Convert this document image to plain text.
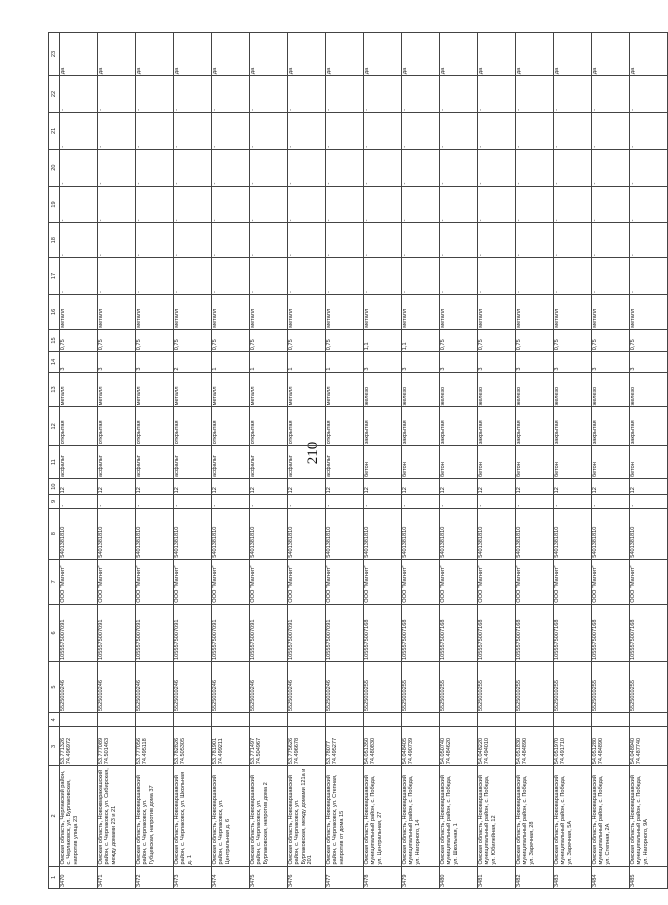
210
1	2	3	4	5	6	7	8	9	10	11	12	13	14	15	16	17	18	19	20	21	22	23
3470	Омская область, Черлакский район, с. Черлаковск, ул. Бурлаковская, напротив улица 23	53.771326 74.496972		5525010246	1055575007091	ООО "Магнит"	5401381810	-	12	асфальт	открытая	металл	3	0,75	металл	-	-	-	-	-	-	да
3471	Омская область, Новокваракашский район, с. Черлаковск, ул. Сибирская, между домами 23 и 21	53.777089 74.501463		5525010246	1055575007091	ООО "Магнит"	5401381810	-	12	асфальт	открытая	металл	3	0,75	металл	-	-	-	-	-	-	да
3472	Омская область, Нововаршавский район, с. Черлаковск, ул. Губцевская, напротив дома 37	53.777056 74.495118		5525010246	1055575007091	ООО "Магнит"	5401381810	-	12	асфальт	открытая	металл	3	0,75	металл	-	-	-	-	-	-	да
3473	Омская область, Нововаршавский район, с. Черлаковск, ул. Школьная д. 1	53.782826 74.505305		5525010246	1055575007091	ООО "Магнит"	5401381810	-	12	асфальт	открытая	металл	2	0,75	металл	-	-	-	-	-	-	да
3474	Омская область, Нововаршавский район, с. Черлаковск, ул. Центральная д. 6	53.781901 74.499211		5525010246	1055575007091	ООО "Магнит"	5401381810	-	12	асфальт	открытая	металл	1	0,75	металл	-	-	-	-	-	-	да
3475	Омская область, Нововаршавский район, с. Черлаковск, ул. Бурлаковская, напротив дома 2	53.771497 74.504967		5525010246	1055575007091	ООО "Магнит"	5401381810	-	12	асфальт	открытая	металл	1	0,75	металл	-	-	-	-	-	-	да
3476	Омская область, Нововаршавский район, с. Черлаковск, ул. Бурлаковская, между домами 121а и 201	53.775626 74.496678		5525010246	1055575007091	ООО "Магнит"	5401381810	-	12	асфальт	открытая	металл	1	0,75	металл	-	-	-	-	-	-	да
3477	Омская область, Нововаршавский район, с. Черлаковск, ул. Степная, напротив от дома 15	53.78077 74.495277		5525010246	1055575007091	ООО "Магнит"	5401381810	-	12	асфальт	открытая	металл	1	0,75	металл	-	-	-	-	-	-	да
3478	Омская область, Нововаршавский муниципальный район, с. Победа, ул. Центральная, 27	54.051350 74.480830		5525010255	1055575007168	ООО "Магнит"	5401381810	-	12	бетон	закрытая	железо	3	1,1	металл	-	-	-	-	-	-	да
3479	Омская область, Нововаршавский муниципальный район, с. Победа, ул. Нагорного, 14	54.048405 74.490739		5525010255	1055575007168	ООО "Магнит"	5401381810	-	12	бетон	закрытая	железо	3	1,1	металл	-	-	-	-	-	-	да
3480	Омская область, Нововаршавский муниципальный район, с. Победа, ул. Школьная, 1	54.050740 74.484620		5525010255	1055575007168	ООО "Магнит"	5401381810	-	12	бетон	закрытая	железо	3	0,75	металл	-	-	-	-	-	-	да
3481	Омская область, Нововаршавский муниципальный район, с. Победа, ул. Юбилейная, 12	54.048220 74.494010		5525010255	1055575007168	ООО "Магнит"	5401381810	-	12	бетон	закрытая	железо	3	0,75	металл	-	-	-	-	-	-	да
3482	Омская область, Нововаршавский муниципальный район, с. Победа, ул. Заречная, 28	54.051830 74.484890		5525010255	1055575007168	ООО "Магнит"	5401381810	-	12	бетон	закрытая	железо	3	0,75	металл	-	-	-	-	-	-	да
3483	Омская область, Нововаршавский муниципальный район, с. Победа, ул. Заречная, 5А	54.051970 74.491710		5525010255	1055575007168	ООО "Магнит"	5401381810	-	12	бетон	закрытая	железо	3	0,75	металл	-	-	-	-	-	-	да
3484	Омская область, Нововаршавский муниципальный район, с. Победа, ул. Степная, 2А	54.051280 74.484890		5525010255	1055575007168	ООО "Магнит"	5401381810	-	12	бетон	закрытая	железо	3	0,75	металл	-	-	-	-	-	-	да
3485	Омская область, Нововаршавский муниципальный район, с. Победа, ул. Нагорного, 9А	54.048940 74.487740		5525010255	1055575007168	ООО "Магнит"	5401381810	-	12	бетон	закрытая	железо	3	0,75	металл	-	-	-	-	-	-	да
